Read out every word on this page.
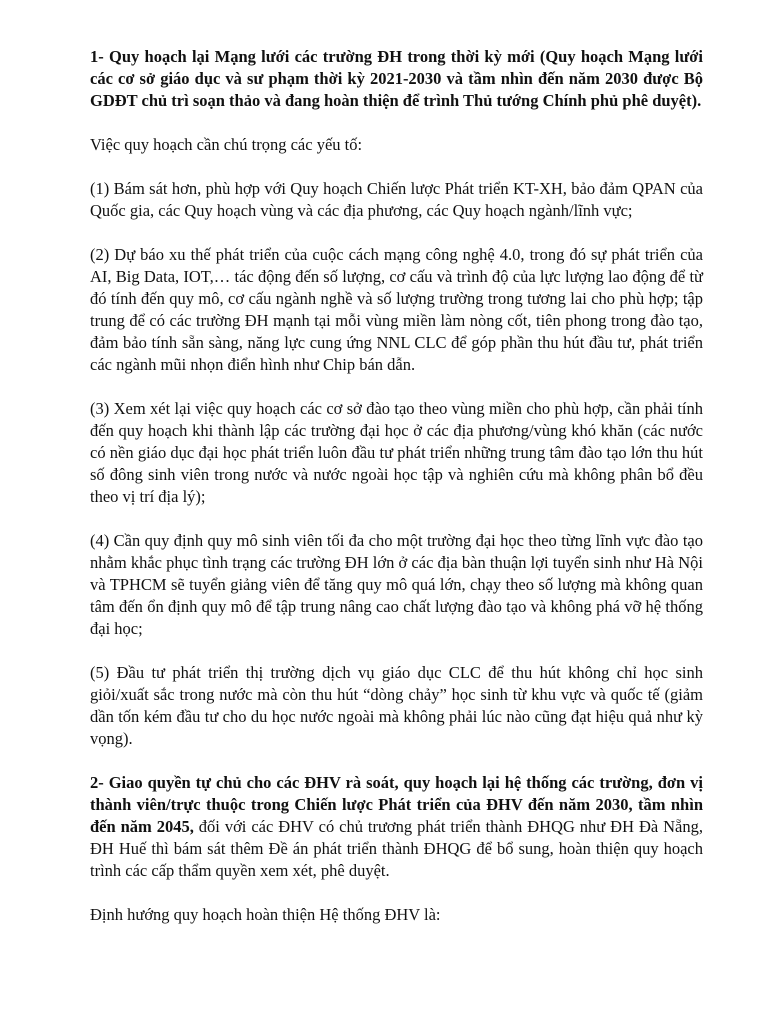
1- Quy hoạch lại Mạng lưới các trường ĐH trong thời kỳ mới (Quy hoạch Mạng lưới các cơ sở giáo dục và sư phạm thời kỳ 2021-2030 và tầm nhìn đến năm 2030 được Bộ GDĐT chủ trì soạn thảo và đang hoàn thiện để trình Thủ tướng Chính phủ phê duyệt).

Việc quy hoạch cần chú trọng các yếu tố:

(1) Bám sát hơn, phù hợp với Quy hoạch Chiến lược Phát triển KT-XH, bảo đảm QPAN của Quốc gia, các Quy hoạch vùng và các địa phương, các Quy hoạch ngành/lĩnh vực;

(2) Dự báo xu thế phát triển của cuộc cách mạng công nghệ 4.0, trong đó sự phát triển của AI, Big Data, IOT,… tác động đến số lượng, cơ cấu và trình độ của lực lượng lao động để từ đó tính đến quy mô, cơ cấu ngành nghề và số lượng trường trong tương lai cho phù hợp; tập trung để có các trường ĐH mạnh tại mỗi vùng miền làm nòng cốt, tiên phong trong đào tạo, đảm bảo tính sẵn sàng, năng lực cung ứng NNL CLC để góp phần thu hút đầu tư, phát triển các ngành mũi nhọn điển hình như Chip bán dẫn.

(3) Xem xét lại việc quy hoạch các cơ sở đào tạo theo vùng miền cho phù hợp, cần phải tính đến quy hoạch khi thành lập các trường đại học ở các địa phương/vùng khó khăn (các nước có nền giáo dục đại học phát triển luôn đầu tư phát triển những trung tâm đào tạo lớn thu hút số đông sinh viên trong nước và nước ngoài học tập và nghiên cứu mà không phân bổ đều theo vị trí địa lý);

(4) Cần quy định quy mô sinh viên tối đa cho một trường đại học theo từng lĩnh vực đào tạo nhằm khắc phục tình trạng các trường ĐH lớn ở các địa bàn thuận lợi tuyển sinh như Hà Nội và TPHCM sẽ tuyển giảng viên để tăng quy mô quá lớn, chạy theo số lượng mà không quan tâm đến ổn định quy mô để tập trung nâng cao chất lượng đào tạo và không phá vỡ hệ thống đại học;

(5) Đầu tư phát triển thị trường dịch vụ giáo dục CLC để thu hút không chỉ học sinh giỏi/xuất sắc trong nước mà còn thu hút “dòng chảy” học sinh từ khu vực và quốc tế (giảm dần tốn kém đầu tư cho du học nước ngoài mà không phải lúc nào cũng đạt hiệu quả như kỳ vọng).

2- Giao quyền tự chủ cho các ĐHV rà soát, quy hoạch lại hệ thống các trường, đơn vị thành viên/trực thuộc trong Chiến lược Phát triển của ĐHV đến năm 2030, tầm nhìn đến năm 2045, đối với các ĐHV có chủ trương phát triển thành ĐHQG như ĐH Đà Nẵng, ĐH Huế thì bám sát thêm Đề án phát triển thành ĐHQG để bổ sung, hoàn thiện quy hoạch trình các cấp thẩm quyền xem xét, phê duyệt.

Định hướng quy hoạch hoàn thiện Hệ thống ĐHV là:
